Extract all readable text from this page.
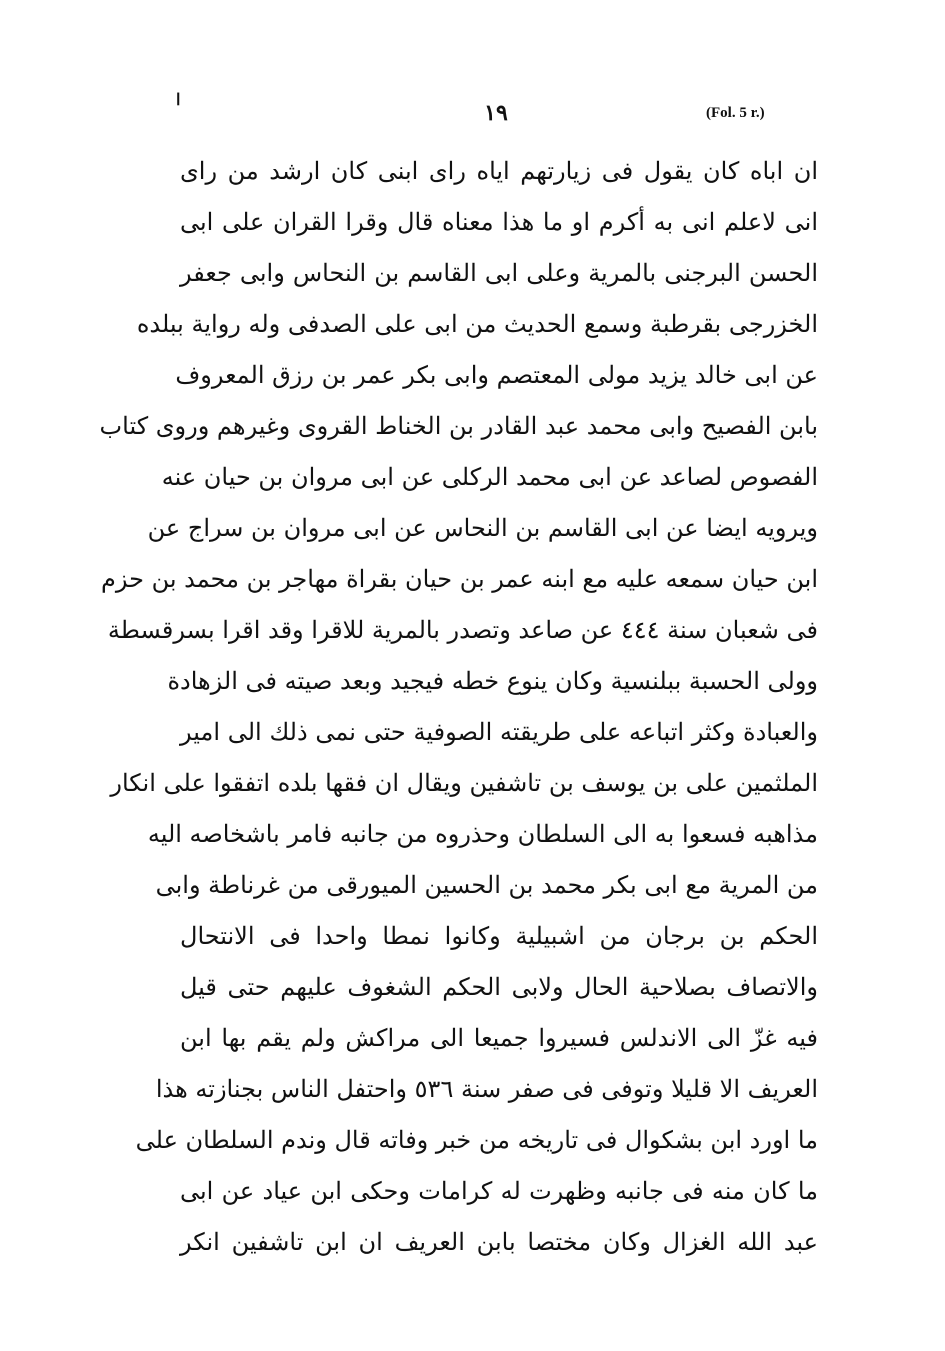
ا
١٩	(Fol. 5 r.)
ان اباه كان يقول فى زيارتهم اياه راى ابنى كان ارشد من راى
انى لاعلم انى به أكرم او ما هذا معناه قال وقرا القران على ابى
الحسن البرجنى بالمرية وعلى ابى القاسم بن النحاس وابى جعفر
الخزرجى بقرطبة وسمع الحديث من ابى على الصدفى وله رواية ببلده
عن ابى خالد يزيد مولى المعتصم وابى بكر عمر بن رزق المعروف
بابن الفصيح وابى محمد عبد القادر بن الخناط القروى وغيرهم وروى كتاب
الفصوص لصاعد عن ابى محمد الركلى عن ابى مروان بن حيان عنه
ويرويه ايضا عن ابى القاسم بن النحاس عن ابى مروان بن سراج عن
ابن حيان سمعه عليه مع ابنه عمر بن حيان بقراة مهاجر بن محمد بن حزم
فى شعبان سنة ٤٤٤ عن صاعد وتصدر بالمرية للاقرا وقد اقرا بسرقسطة
وولى الحسبة ببلنسية وكان ينوع خطه فيجيد وبعد صيته فى الزهادة
والعبادة وكثر اتباعه على طريقته الصوفية حتى نمى ذلك الى امير
الملثمين على بن يوسف بن تاشفين ويقال ان فقها بلده اتفقوا على انكار
مذاهبه فسعوا به الى السلطان وحذروه من جانبه فامر باشخاصه اليه
من المرية مع ابى بكر محمد بن الحسين الميورقى من غرناطة وابى
الحكم بن برجان من اشبيلية وكانوا نمطا واحدا فى الانتحال
والاتصاف بصلاحية الحال ولابى الحكم الشغوف عليهم حتى قيل
فيه غزّ الى الاندلس فسيروا جميعا الى مراكش ولم يقم بها ابن
العريف الا قليلا وتوفى فى صفر سنة ٥٣٦ واحتفل الناس بجنازته هذا
ما اورد ابن بشكوال فى تاريخه من خبر وفاته قال وندم السلطان على
ما كان منه فى جانبه وظهرت له كرامات وحكى ابن عياد عن ابى
عبد الله الغزال وكان مختصا بابن العريف ان ابن تاشفين انكر
